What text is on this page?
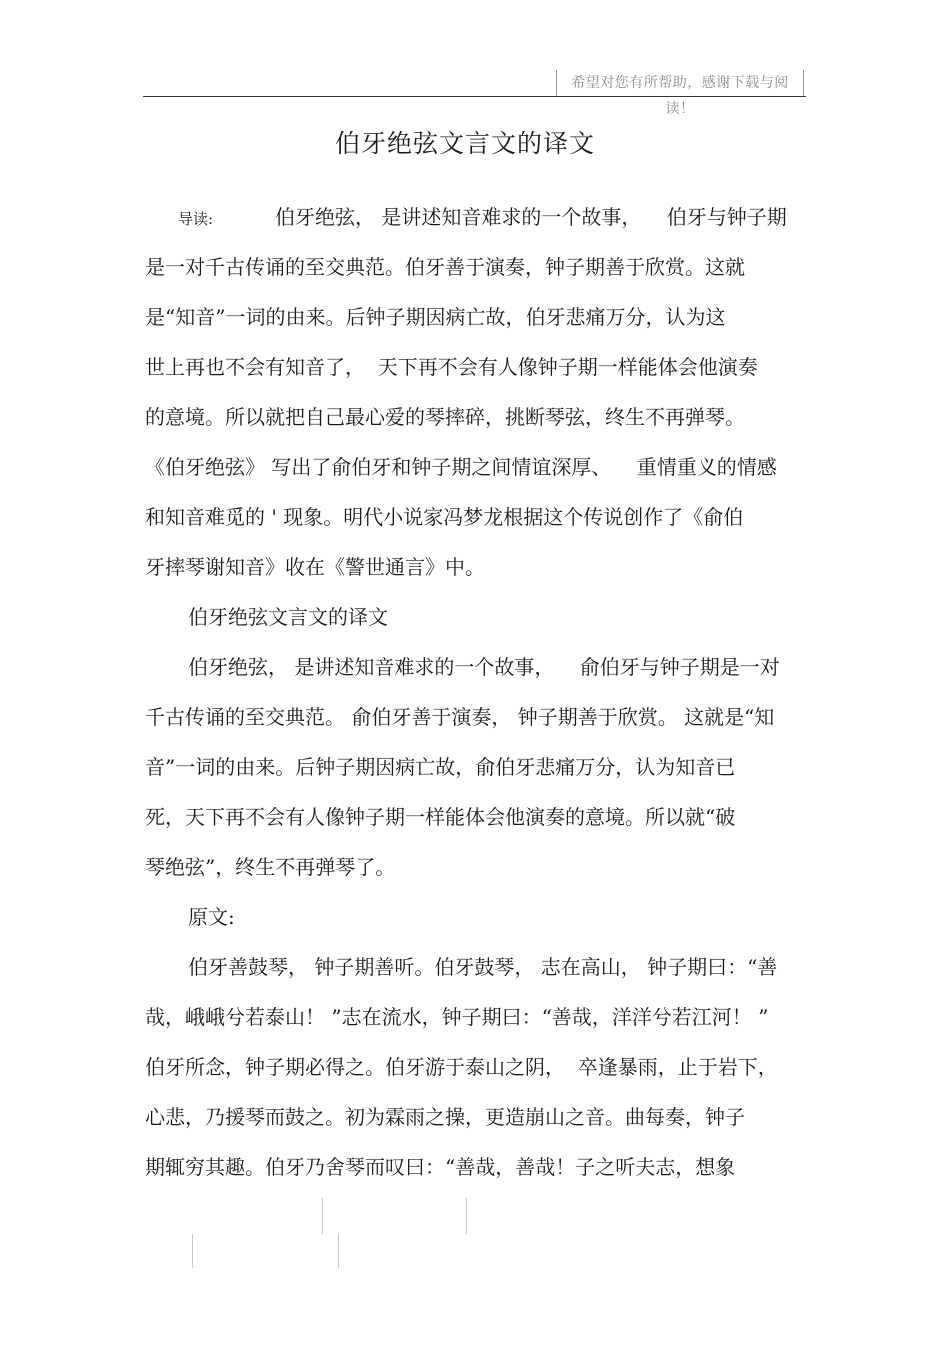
希望对您有所帮助，感谢下载与阅读！
伯牙绝弦文言文的译文
导读:	伯牙绝弦， 是讲述知音难求的一个故事，    伯牙与钟子期
是一对千古传诵的至交典范。伯牙善于演奏，钟子期善于欣赏。这就
是“知音”一词的由来。后钟子期因病亡故，伯牙悲痛万分，认为这
世上再也不会有知音了，  天下再不会有人像钟子期一样能体会他演奏
的意境。所以就把自己最心爱的琴摔碎，挑断琴弦，终生不再弹琴。
《伯牙绝弦》 写出了俞伯牙和钟子期之间情谊深厚、    重情重义的情感
和知音难觅的 ' 现象。明代小说家冯梦龙根据这个传说创作了《俞伯
牙摔琴谢知音》收在《警世通言》中。
伯牙绝弦文言文的译文
伯牙绝弦， 是讲述知音难求的一个故事，    俞伯牙与钟子期是一对
千古传诵的至交典范。 俞伯牙善于演奏， 钟子期善于欣赏。 这就是“知
音”一词的由来。后钟子期因病亡故，俞伯牙悲痛万分，认为知音已
死，天下再不会有人像钟子期一样能体会他演奏的意境。所以就“破
琴绝弦”，终生不再弹琴了。
原文:
伯牙善鼓琴， 钟子期善听。伯牙鼓琴， 志在高山， 钟子期曰：“善
哉，峨峨兮若泰山！ ”志在流水，钟子期曰：“善哉，洋洋兮若江河！ ”
伯牙所念，钟子期必得之。伯牙游于泰山之阴，  卒逢暴雨，止于岩下，
心悲，乃援琴而鼓之。初为霖雨之操，更造崩山之音。曲每奏，钟子
期辄穷其趣。伯牙乃舍琴而叹曰：“善哉，善哉！子之听夫志，想象
